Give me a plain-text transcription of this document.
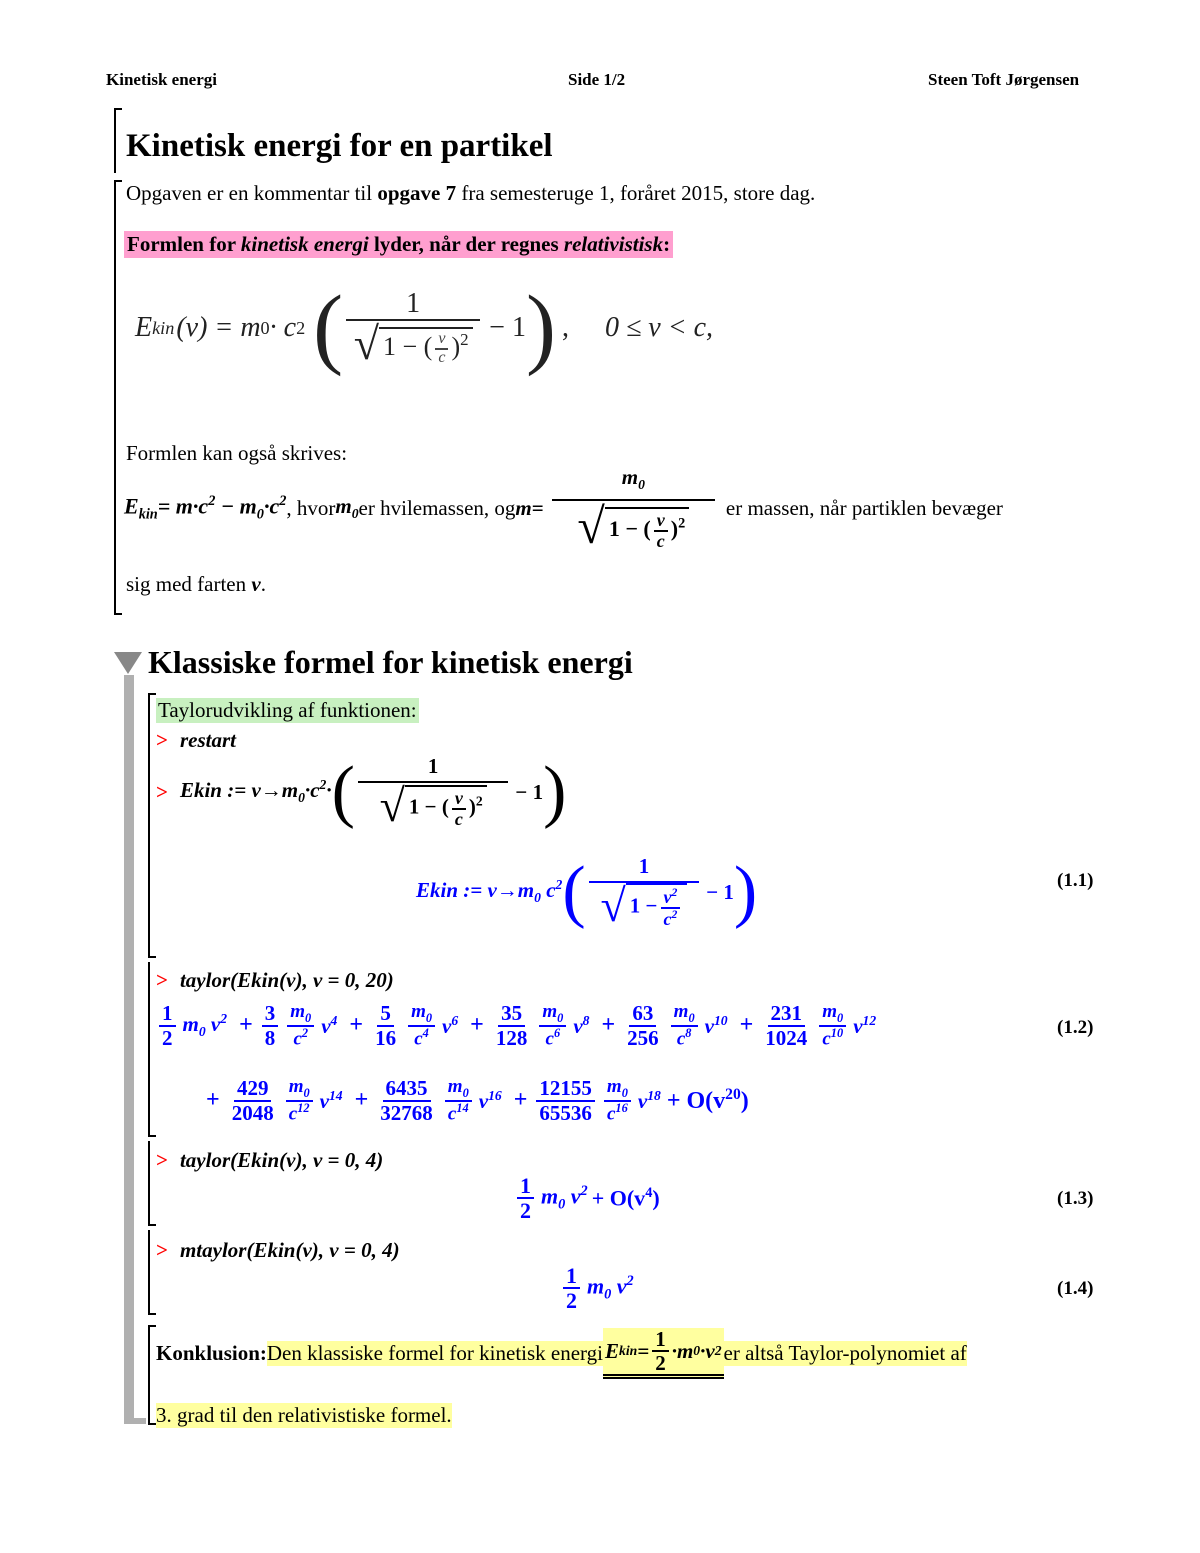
Kinetisk energi	Side 1/2	Steen Toft Jørgensen
Kinetisk energi for en partikel
Opgaven er en kommentar til opgave 7 fra semesteruge 1, foråret 2015, store dag.
Formlen for kinetisk energi lyder, når der regnes relativistisk:
E kin (v) = m 0 · c 2 ( $\frac{1}{√ 1 - ( \frac{v}{c} )^2} - 1$ ) , 0 ≤ v < c,
Formlen kan også skrives:
$E_{kin}= m\cdot c^2 - m_0\cdot c^2$ , hvor $m_0$ er hvilemassen, og $m = \frac{m_0}{√ 1 - ( \frac{v}{c} )^2}$ er massen, når partiklen bevæger
sig med farten v.
Klassiske formel for kinetisk energi
Taylorudvikling af funktionen:
> restart
> Ekin := $v\to m_0\cdot c^2\cdot$ ( $\frac{1}{√ 1 - ( \frac{v}{c} )^2} - 1$ )
Ekin := $v\to m_0$ $c^2$ ( $\frac{1}{√ 1 - \frac{v^2}{c^2}} - 1$ )	(1.1)
> taylor(Ekin(v), v = 0, 20)
$\frac{1}{2} m_0$ $v^2 + \frac{3}{8} \frac{m_0}{c^2} v^4 + \frac{5}{16} \frac{m_0}{c^4} v^6 + \frac{35}{128} \frac{m_0}{c^6} v^8 + \frac{63}{256} \frac{m_0}{c^8} v^{10} + \frac{231}{1024} \frac{m_0}{c^{10}} v^{12}$	(1.2)
+ $\frac{429}{2048} \frac{m_0}{c^{12}} v^{14} + \frac{6435}{32768} \frac{m_0}{c^{14}} v^{16} + \frac{12155}{65536} \frac{m_0}{c^{16}} v^{18} + O(v^{20})$
> taylor(Ekin(v), v = 0, 4)
$\frac{1}{2} m_0$ $v^2 + O(v^4)$	(1.3)
> mtaylor(Ekin(v), v = 0, 4)
$\frac{1}{2} m_0$ $v^2$	(1.4)
Konklusion: Den klassiske formel for kinetisk energi E kin = $\frac{1}{2} \cdot m$ 0 ·v 2 er altså Taylor-polynomiet af
3. grad til den relativistiske formel.
